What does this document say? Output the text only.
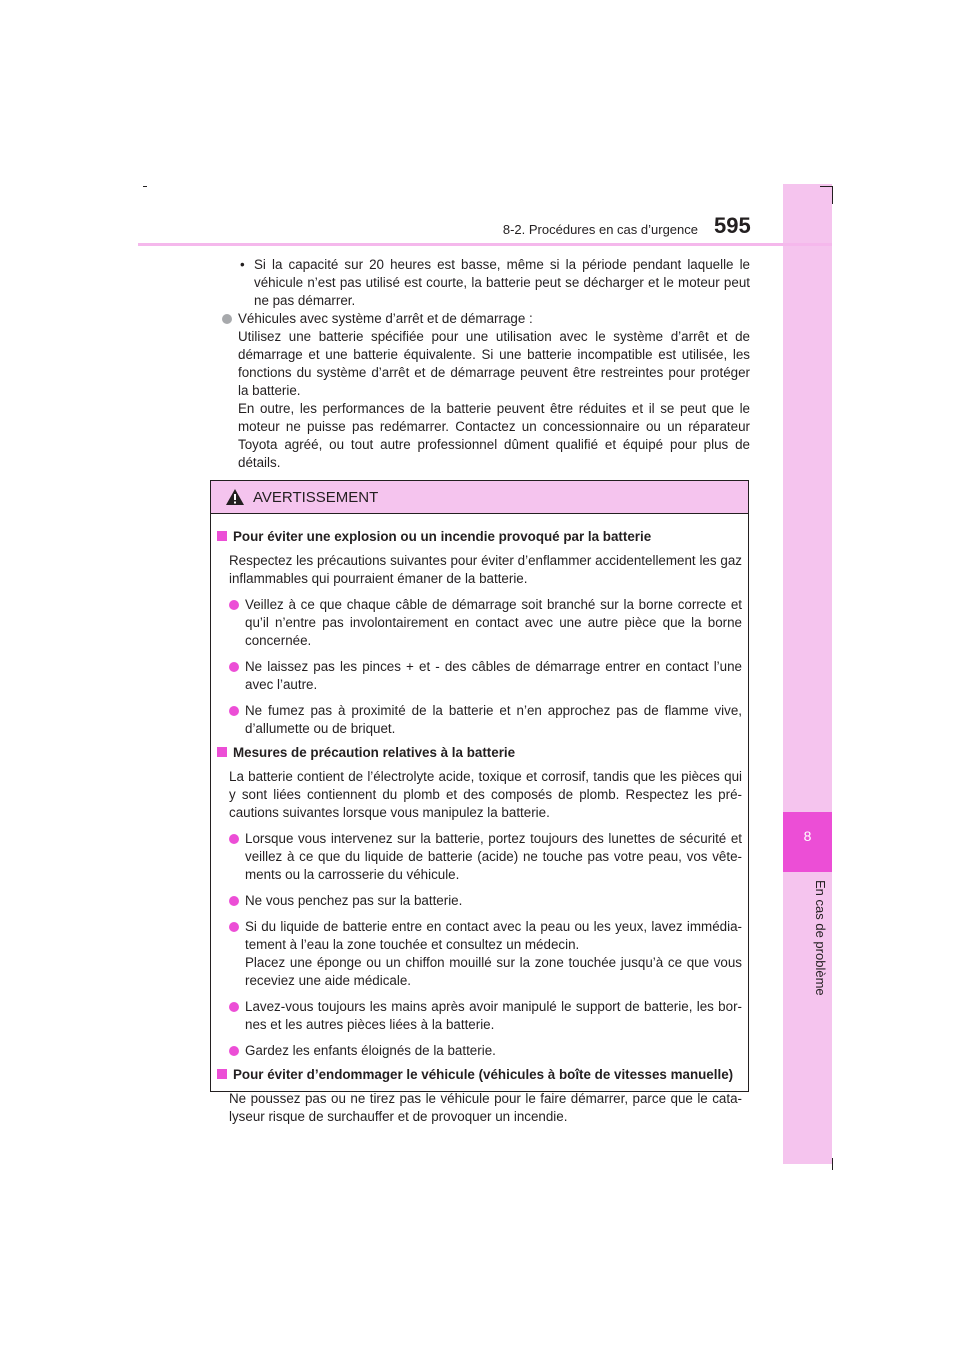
8
En cas de problème
8-2. Procédures en cas d’urgence 595
• Si la capacité sur 20 heures est basse, même si la période pendant laquelle le véhicule n’est pas utilisé est courte, la batterie peut se décharger et le moteur peut ne pas démarrer.
Véhicules avec système d’arrêt et de démarrage :
Utilisez une batterie spécifiée pour une utilisation avec le système d’arrêt et de démarrage et une batterie équivalente. Si une batterie incompatible est utilisée, les fonctions du système d’arrêt et de démarrage peuvent être restreintes pour protéger la batterie.
En outre, les performances de la batterie peuvent être réduites et il se peut que le moteur ne puisse pas redémarrer. Contactez un concessionnaire ou un réparateur Toyota agréé, ou tout autre professionnel dûment qualifié et équipé pour plus de détails.
AVERTISSEMENT
Pour éviter une explosion ou un incendie provoqué par la batterie
Respectez les précautions suivantes pour éviter d’enflammer accidentellement les gaz inflammables qui pourraient émaner de la batterie.
Veillez à ce que chaque câble de démarrage soit branché sur la borne correcte et qu’il n’entre pas involontairement en contact avec une autre pièce que la borne concernée.
Ne laissez pas les pinces + et - des câbles de démarrage entrer en contact l’une avec l’autre.
Ne fumez pas à proximité de la batterie et n’en approchez pas de flamme vive, d’allumette ou de briquet.
Mesures de précaution relatives à la batterie
La batterie contient de l’électrolyte acide, toxique et corrosif, tandis que les pièces qui y sont liées contiennent du plomb et des composés de plomb. Respectez les pré-cautions suivantes lorsque vous manipulez la batterie.
Lorsque vous intervenez sur la batterie, portez toujours des lunettes de sécurité et veillez à ce que du liquide de batterie (acide) ne touche pas votre peau, vos vête-ments ou la carrosserie du véhicule.
Ne vous penchez pas sur la batterie.
Si du liquide de batterie entre en contact avec la peau ou les yeux, lavez immédia-tement à l’eau la zone touchée et consultez un médecin.
Placez une éponge ou un chiffon mouillé sur la zone touchée jusqu’à ce que vous receviez une aide médicale.
Lavez-vous toujours les mains après avoir manipulé le support de batterie, les bor-nes et les autres pièces liées à la batterie.
Gardez les enfants éloignés de la batterie.
Pour éviter d’endommager le véhicule (véhicules à boîte de vitesses manuelle)
Ne poussez pas ou ne tirez pas le véhicule pour le faire démarrer, parce que le cata-lyseur risque de surchauffer et de provoquer un incendie.
